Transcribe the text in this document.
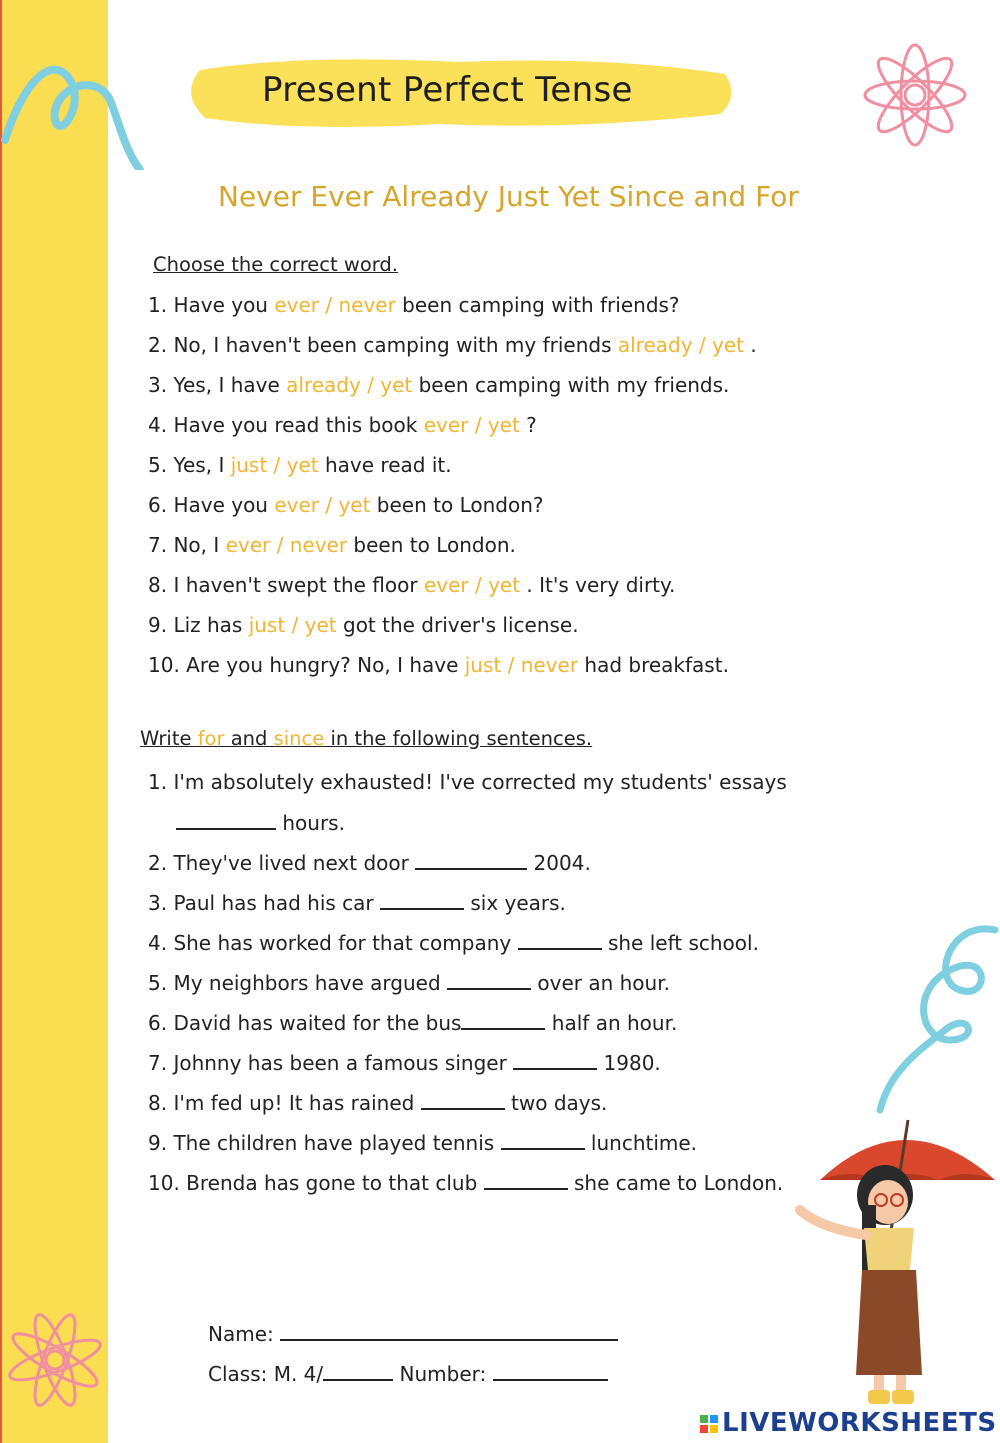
Present Perfect Tense
Never Ever Already Just Yet Since and For
Choose the correct word.
1. Have you ever / never been camping with friends?
2. No, I haven't been camping with my friends already / yet .
3. Yes, I have already / yet been camping with my friends.
4. Have you read this book ever / yet ?
5. Yes, I just / yet have read it.
6. Have you ever / yet been to London?
7. No, I ever / never been to London.
8. I haven't swept the floor ever / yet . It's very dirty.
9. Liz has just / yet got the driver's license.
10. Are you hungry? No, I have just / never had breakfast.
Write for and since in the following sentences.
1. I'm absolutely exhausted! I've corrected my students' essays
hours.
2. They've lived next door	2004.
3. Paul has had his car	six years.
4. She has worked for that company	she left school.
5. My neighbors have argued	over an hour.
6. David has waited for the bus	half an hour.
7. Johnny has been a famous singer	1980.
8. I'm fed up! It has rained	two days.
9. The children have played tennis	lunchtime.
10. Brenda has gone to that club	she came to London.
Name:
Class: M. 4/	Number:
LIVEWORKSHEETS
